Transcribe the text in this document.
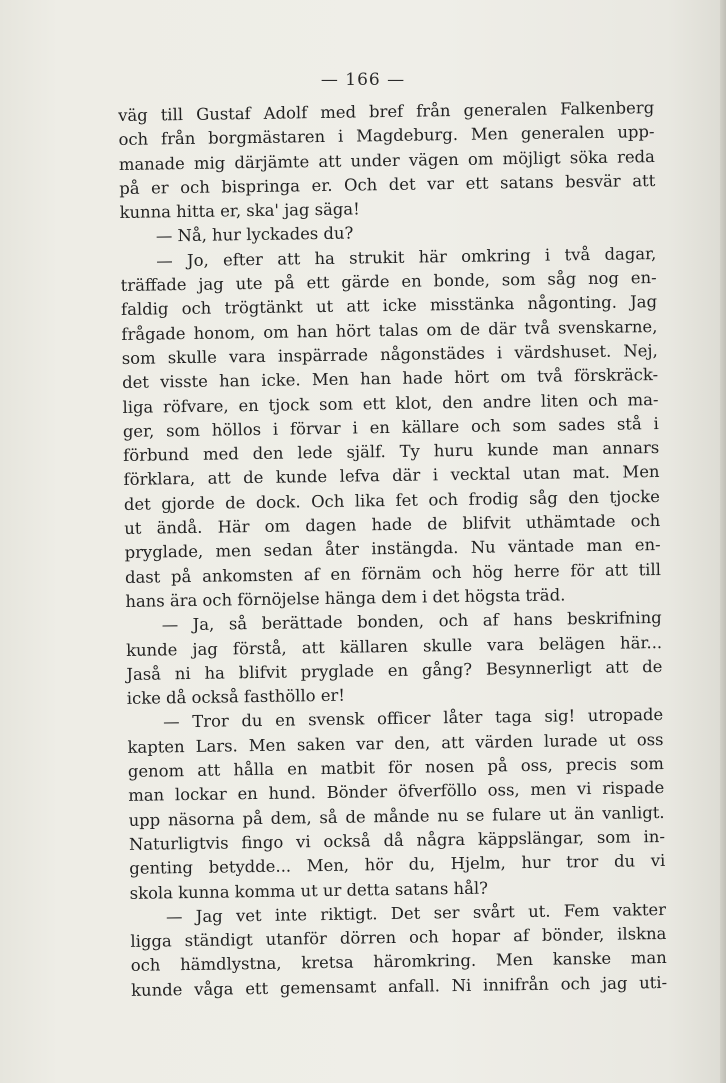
— 166 —
väg till Gustaf Adolf med bref från generalen Falkenberg
och från borgmästaren i Magdeburg. Men generalen upp-
manade mig därjämte att under vägen om möjligt söka reda
på er och bispringa er. Och det var ett satans besvär att
kunna hitta er, ska' jag säga!
— Nå, hur lyckades du?
— Jo, efter att ha strukit här omkring i två dagar,
träffade jag ute på ett gärde en bonde, som såg nog en-
faldig och trögtänkt ut att icke misstänka någonting. Jag
frågade honom, om han hört talas om de där två svenskarne,
som skulle vara inspärrade någonstädes i värdshuset. Nej,
det visste han icke. Men han hade hört om två förskräck-
liga röfvare, en tjock som ett klot, den andre liten och ma-
ger, som höllos i förvar i en källare och som sades stå i
förbund med den lede själf. Ty huru kunde man annars
förklara, att de kunde lefva där i vecktal utan mat. Men
det gjorde de dock. Och lika fet och frodig såg den tjocke
ut ändå. Här om dagen hade de blifvit uthämtade och
pryglade, men sedan åter instängda. Nu väntade man en-
dast på ankomsten af en förnäm och hög herre för att till
hans ära och förnöjelse hänga dem i det högsta träd.
— Ja, så berättade bonden, och af hans beskrifning
kunde jag förstå, att källaren skulle vara belägen här...
Jaså ni ha blifvit pryglade en gång? Besynnerligt att de
icke då också fasthöllo er!
— Tror du en svensk officer låter taga sig! utropade
kapten Lars. Men saken var den, att värden lurade ut oss
genom att hålla en matbit för nosen på oss, precis som
man lockar en hund. Bönder öfverföllo oss, men vi rispade
upp näsorna på dem, så de månde nu se fulare ut än vanligt.
Naturligtvis fingo vi också då några käppslängar, som in-
genting betydde... Men, hör du, Hjelm, hur tror du vi
skola kunna komma ut ur detta satans hål?
— Jag vet inte riktigt. Det ser svårt ut. Fem vakter
ligga ständigt utanför dörren och hopar af bönder, ilskna
och hämdlystna, kretsa häromkring. Men kanske man
kunde våga ett gemensamt anfall. Ni innifrån och jag uti-
